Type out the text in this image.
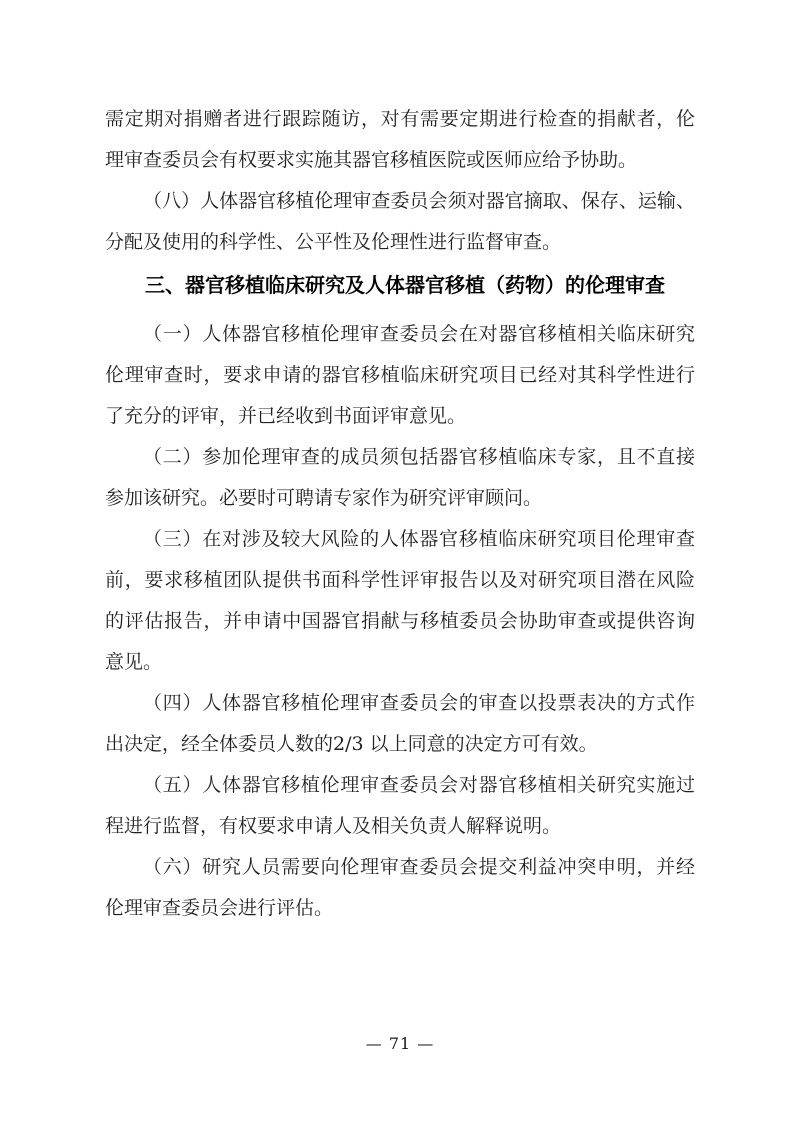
需定期对捐赠者进行跟踪随访，对有需要定期进行检查的捐献者，伦

理审查委员会有权要求实施其器官移植医院或医师应给予协助。

（八）人体器官移植伦理审查委员会须对器官摘取、保存、运输、

分配及使用的科学性、公平性及伦理性进行监督审查。

三、器官移植临床研究及人体器官移植（药物）的伦理审查

（一）人体器官移植伦理审查委员会在对器官移植相关临床研究

伦理审查时，要求申请的器官移植临床研究项目已经对其科学性进行

了充分的评审，并已经收到书面评审意见。

（二）参加伦理审查的成员须包括器官移植临床专家，且不直接

参加该研究。必要时可聘请专家作为研究评审顾问。

（三）在对涉及较大风险的人体器官移植临床研究项目伦理审查

前，要求移植团队提供书面科学性评审报告以及对研究项目潜在风险

的评估报告，并申请中国器官捐献与移植委员会协助审查或提供咨询

意见。

（四）人体器官移植伦理审查委员会的审查以投票表决的方式作

出决定，经全体委员人数的2/3 以上同意的决定方可有效。

（五）人体器官移植伦理审查委员会对器官移植相关研究实施过

程进行监督，有权要求申请人及相关负责人解释说明。

（六）研究人员需要向伦理审查委员会提交利益冲突申明，并经

伦理审查委员会进行评估。

— 71 —
